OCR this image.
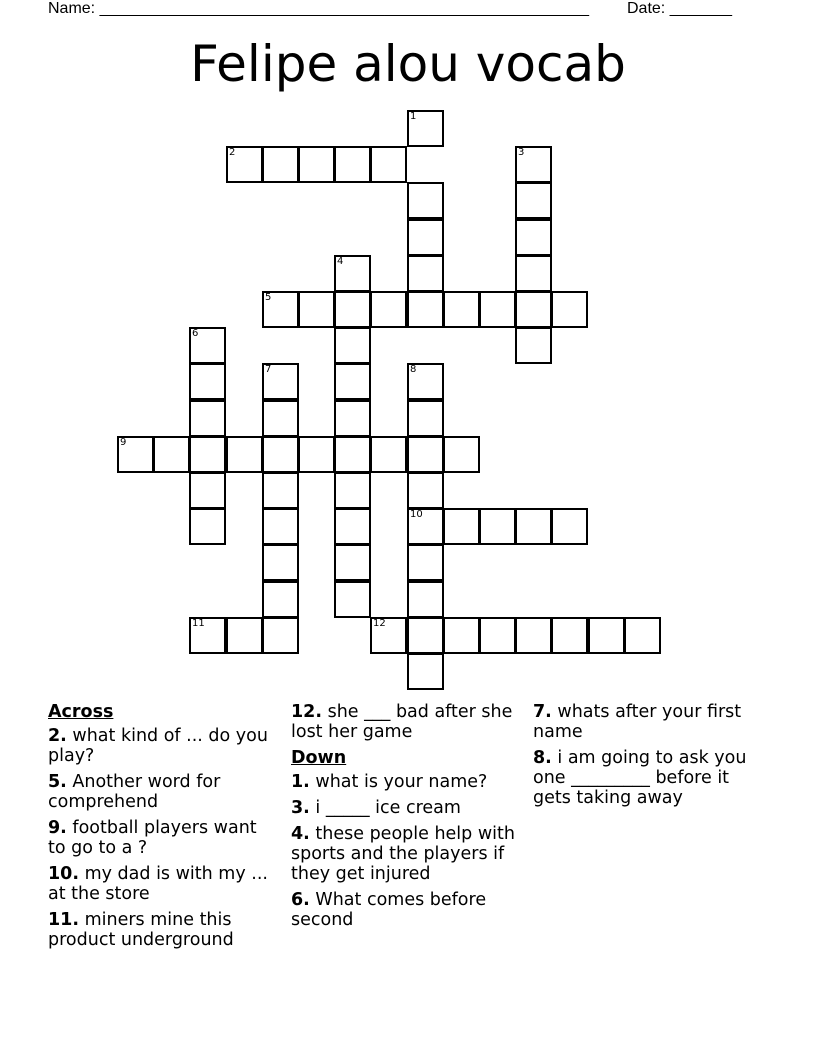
Name: _______________________________________________________ Date: _______
Felipe alou vocab
1
2	3
4
5
6
7	8
9
10
11	12
Across
2. what kind of ... do you play?
5. Another word for comprehend
9. football players want to go to a ?
10. my dad is with my ... at the store
11. miners mine this product underground
12. she ___ bad after she lost her game
Down
1. what is your name?
3. i _____ ice cream
4. these people help with sports and the players if they get injured
6. What comes before second
7. whats after your first name
8. i am going to ask you one _________ before it gets taking away
